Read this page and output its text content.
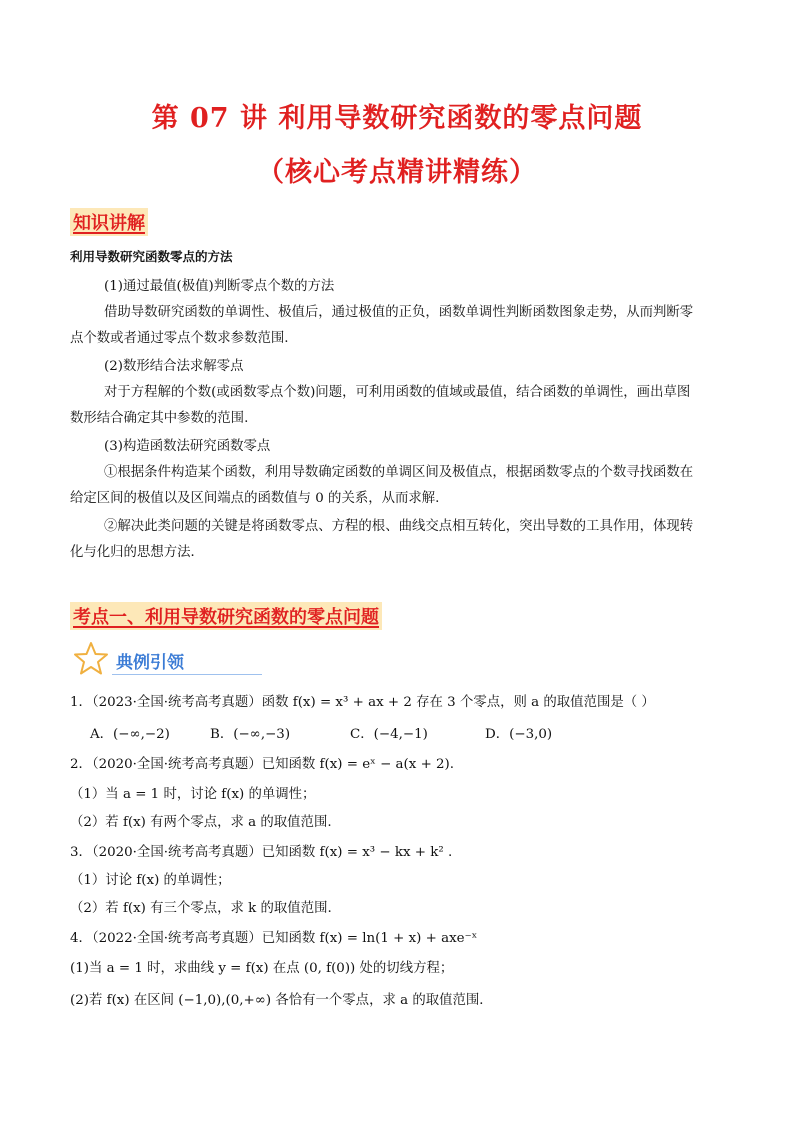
第 07 讲 利用导数研究函数的零点问题
（核心考点精讲精练）
知识讲解
利用导数研究函数零点的方法
(1)通过最值(极值)判断零点个数的方法
借助导数研究函数的单调性、极值后，通过极值的正负，函数单调性判断函数图象走势，从而判断零
点个数或者通过零点个数求参数范围.
(2)数形结合法求解零点
对于方程解的个数(或函数零点个数)问题，可利用函数的值域或最值，结合函数的单调性，画出草图
数形结合确定其中参数的范围.
(3)构造函数法研究函数零点
①根据条件构造某个函数，利用导数确定函数的单调区间及极值点，根据函数零点的个数寻找函数在
给定区间的极值以及区间端点的函数值与 0 的关系，从而求解.
②解决此类问题的关键是将函数零点、方程的根、曲线交点相互转化，突出导数的工具作用，体现转
化与化归的思想方法．
考点一、利用导数研究函数的零点问题
典例引领
1．（2023·全国·统考高考真题）函数 f(x) = x³ + ax + 2 存在 3 个零点，则 a 的取值范围是（ ）
A．(−∞,−2)	B．(−∞,−3)	C．(−4,−1)	D．(−3,0)
2．（2020·全国·统考高考真题）已知函数 f(x) = eˣ − a(x + 2).
（1）当 a = 1 时，讨论 f(x) 的单调性；
（2）若 f(x) 有两个零点，求 a 的取值范围.
3．（2020·全国·统考高考真题）已知函数 f(x) = x³ − kx + k² .
（1）讨论 f(x) 的单调性；
（2）若 f(x) 有三个零点，求 k 的取值范围.
4．（2022·全国·统考高考真题）已知函数 f(x) = ln(1 + x) + axe⁻ˣ
(1)当 a = 1 时，求曲线 y = f(x) 在点 (0, f(0)) 处的切线方程；
(2)若 f(x) 在区间 (−1,0),(0,+∞) 各恰有一个零点，求 a 的取值范围．
